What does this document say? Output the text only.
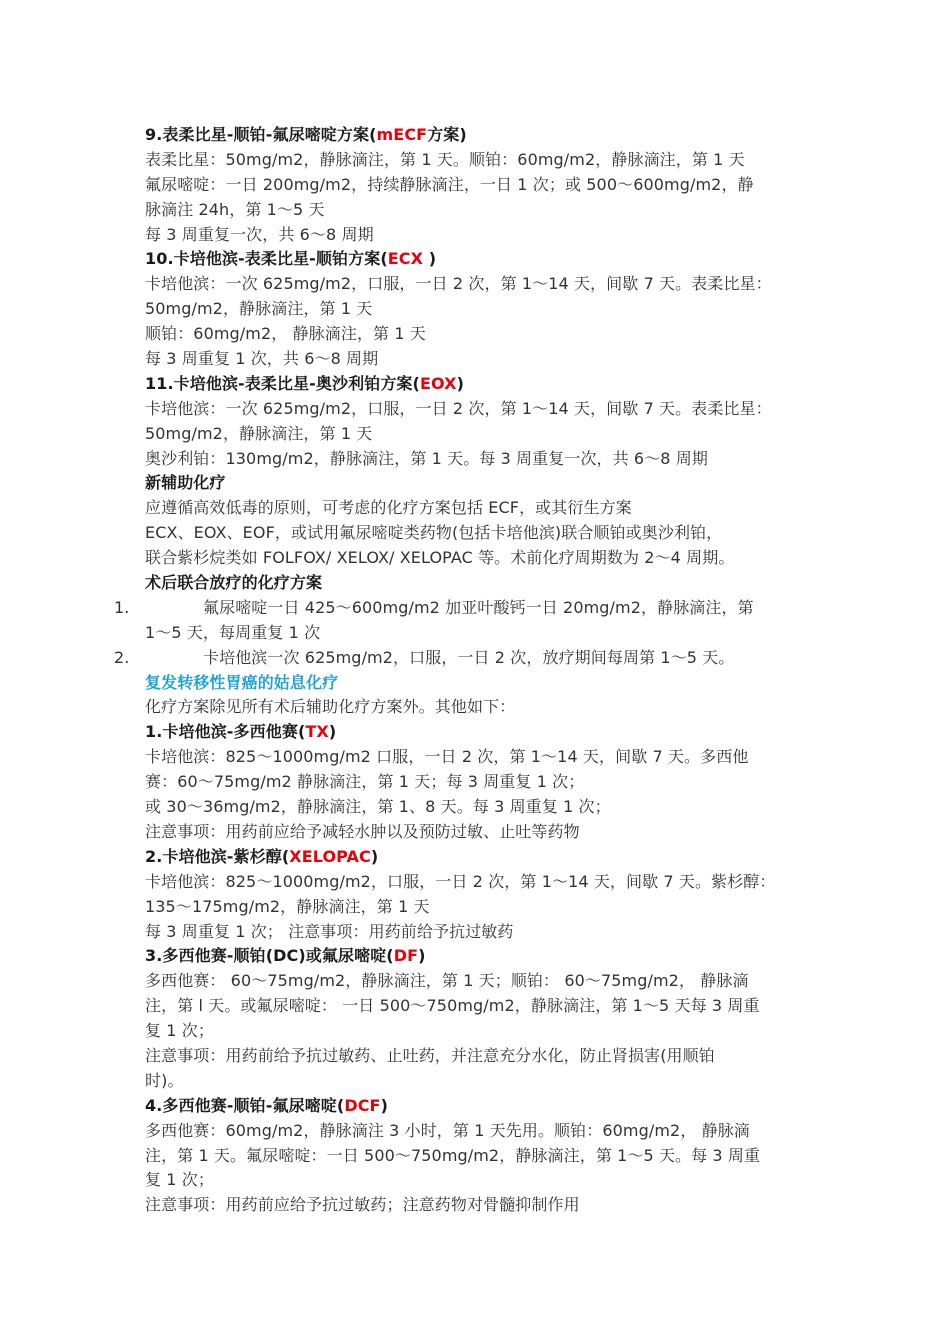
9.表柔比星-顺铂-氟尿嘧啶方案(mECF方案)
表柔比星：50mg/m2，静脉滴注，第 1 天。顺铂：60mg/m2，静脉滴注，第 1 天
氟尿嘧啶：一日 200mg/m2，持续静脉滴注，一日 1 次；或 500～600mg/m2，静
脉滴注 24h，第 1～5 天
每 3 周重复一次，共 6～8 周期
10.卡培他滨-表柔比星-顺铂方案(ECX )
卡培他滨：一次 625mg/m2，口服，一日 2 次，第 1～14 天，间歇 7 天。表柔比星：
50mg/m2，静脉滴注，第 1 天
顺铂：60mg/m2， 静脉滴注，第 1 天
每 3 周重复 1 次，共 6～8 周期
11.卡培他滨-表柔比星-奥沙利铂方案(EOX)
卡培他滨：一次 625mg/m2，口服，一日 2 次，第 1～14 天，间歇 7 天。表柔比星：
50mg/m2，静脉滴注，第 1 天
奥沙利铂：130mg/m2，静脉滴注，第 1 天。每 3 周重复一次，共 6～8 周期
新辅助化疗
应遵循高效低毒的原则，可考虑的化疗方案包括 ECF，或其衍生方案
ECX、EOX、EOF，或试用氟尿嘧啶类药物(包括卡培他滨)联合顺铂或奥沙利铂，
联合紫杉烷类如 FOLFOX/ XELOX/ XELOPAC 等。术前化疗周期数为 2～4 周期。
术后联合放疗的化疗方案
1.	氟尿嘧啶一日 425～600mg/m2 加亚叶酸钙一日 20mg/m2，静脉滴注，第
1～5 天，每周重复 1 次
2.	卡培他滨一次 625mg/m2，口服，一日 2 次，放疗期间每周第 1～5 天。
复发转移性胃癌的姑息化疗
化疗方案除见所有术后辅助化疗方案外。其他如下：
1.卡培他滨-多西他赛(TX)
卡培他滨：825～1000mg/m2 口服，一日 2 次，第 1～14 天，间歇 7 天。多西他
赛：60～75mg/m2 静脉滴注，第 1 天；每 3 周重复 1 次；
或 30～36mg/m2，静脉滴注，第 1、8 天。每 3 周重复 1 次；
注意事项：用药前应给予减轻水肿以及预防过敏、止吐等药物
2.卡培他滨-紫杉醇(XELOPAC)
卡培他滨：825～1000mg/m2，口服，一日 2 次，第 1～14 天，间歇 7 天。紫杉醇：
135～175mg/m2，静脉滴注，第 1 天
每 3 周重复 1 次； 注意事项：用药前给予抗过敏药
3.多西他赛-顺铂(DC)或氟尿嘧啶(DF)
多西他赛： 60～75mg/m2，静脉滴注，第 1 天；顺铂： 60～75mg/m2， 静脉滴
注，第 l 天。或氟尿嘧啶： 一日 500～750mg/m2，静脉滴注，第 1～5 天每 3 周重
复 1 次；
注意事项：用药前给予抗过敏药、止吐药，并注意充分水化，防止肾损害(用顺铂
时)。
4.多西他赛-顺铂-氟尿嘧啶(DCF)
多西他赛：60mg/m2，静脉滴注 3 小时，第 1 天先用。顺铂：60mg/m2， 静脉滴
注，第 1 天。氟尿嘧啶：一日 500～750mg/m2，静脉滴注，第 1～5 天。每 3 周重
复 1 次；
注意事项：用药前应给予抗过敏药；注意药物对骨髓抑制作用
